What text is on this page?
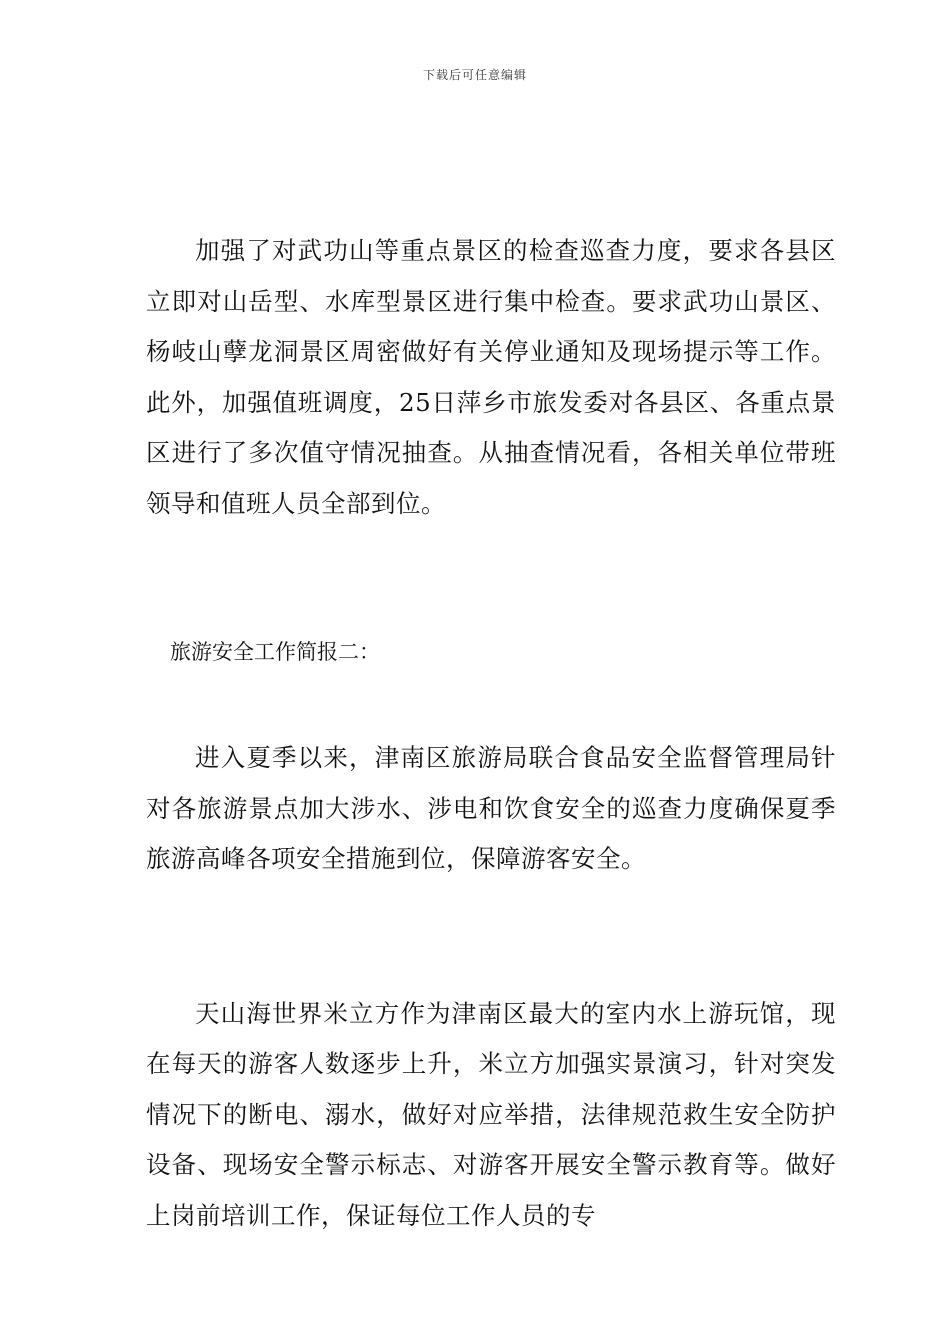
下载后可任意编辑

加强了对武功山等重点景区的检查巡查力度，要求各县区立即对山岳型、水库型景区进行集中检查。要求武功山景区、杨岐山孽龙洞景区周密做好有关停业通知及现场提示等工作。此外，加强值班调度，25日萍乡市旅发委对各县区、各重点景区进行了多次值守情况抽查。从抽查情况看，各相关单位带班领导和值班人员全部到位。

旅游安全工作简报二：

进入夏季以来，津南区旅游局联合食品安全监督管理局针对各旅游景点加大涉水、涉电和饮食安全的巡查力度确保夏季旅游高峰各项安全措施到位，保障游客安全。

天山海世界米立方作为津南区最大的室内水上游玩馆，现在每天的游客人数逐步上升，米立方加强实景演习，针对突发情况下的断电、溺水，做好对应举措，法律规范救生安全防护设备、现场安全警示标志、对游客开展安全警示教育等。做好上岗前培训工作，保证每位工作人员的专
